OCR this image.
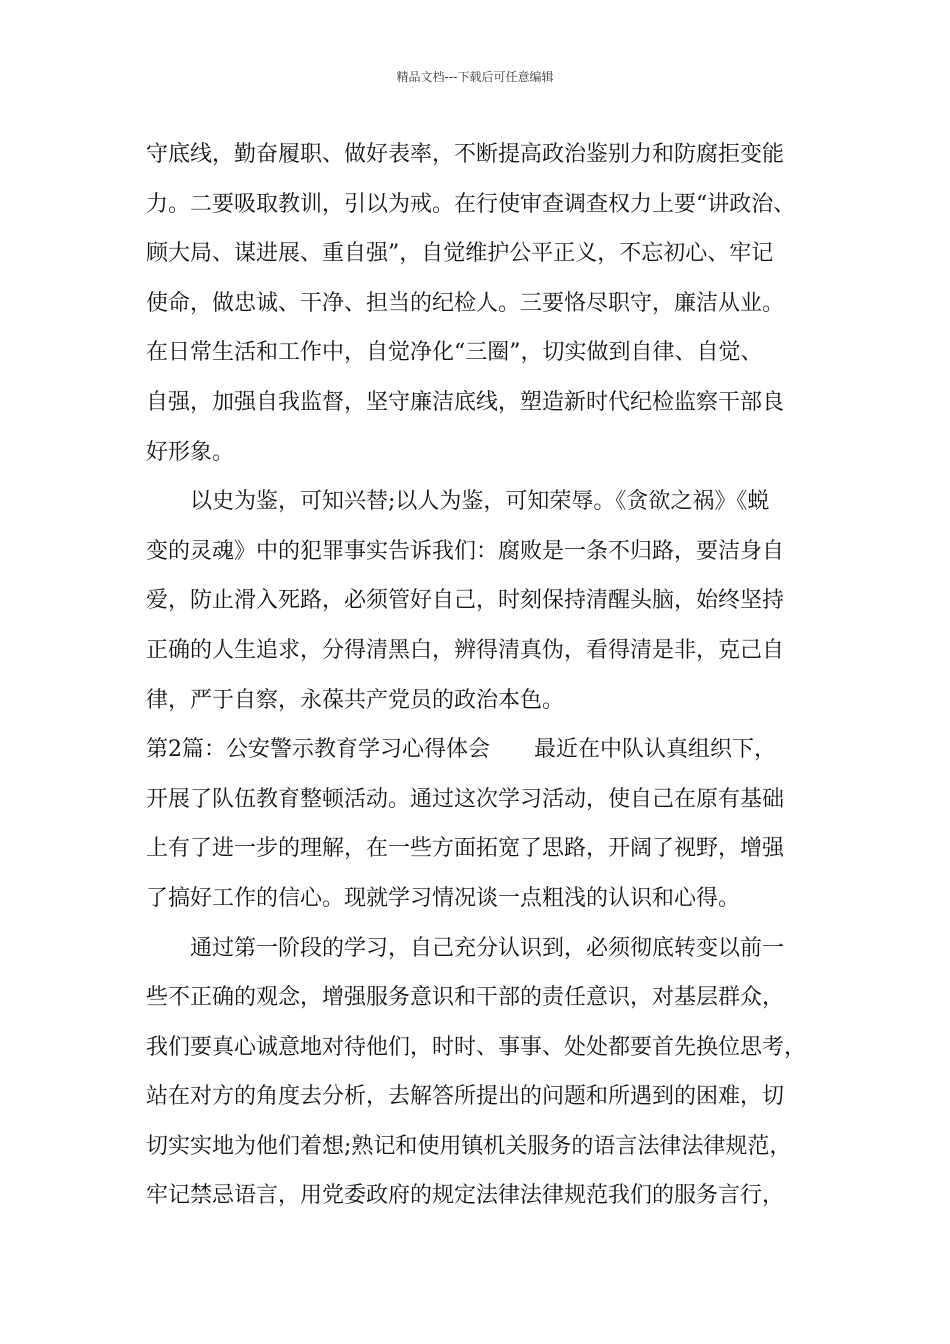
精品文档---下载后可任意编辑
守底线，勤奋履职、做好表率，不断提高政治鉴别力和防腐拒变能
力。二要吸取教训，引以为戒。在行使审查调查权力上要“讲政治、
顾大局、谋进展、重自强”，自觉维护公平正义，不忘初心、牢记
使命，做忠诚、干净、担当的纪检人。三要恪尽职守，廉洁从业。
在日常生活和工作中，自觉净化“三圈”，切实做到自律、自觉、
自强，加强自我监督，坚守廉洁底线，塑造新时代纪检监察干部良
好形象。
以史为鉴，可知兴替;以人为鉴，可知荣辱。《贪欲之祸》《蜕
变的灵魂》中的犯罪事实告诉我们：腐败是一条不归路，要洁身自
爱，防止滑入死路，必须管好自己，时刻保持清醒头脑，始终坚持
正确的人生追求，分得清黑白，辨得清真伪，看得清是非，克己自
律，严于自察，永葆共产党员的政治本色。
第2篇：公安警示教育学习心得体会 最近在中队认真组织下，
开展了队伍教育整顿活动。通过这次学习活动，使自己在原有基础
上有了进一步的理解，在一些方面拓宽了思路，开阔了视野，增强
了搞好工作的信心。现就学习情况谈一点粗浅的认识和心得。
通过第一阶段的学习，自己充分认识到，必须彻底转变以前一
些不正确的观念，增强服务意识和干部的责任意识，对基层群众，
我们要真心诚意地对待他们，时时、事事、处处都要首先换位思考，
站在对方的角度去分析，去解答所提出的问题和所遇到的困难，切
切实实地为他们着想;熟记和使用镇机关服务的语言法律法律规范，
牢记禁忌语言，用党委政府的规定法律法律规范我们的服务言行，
